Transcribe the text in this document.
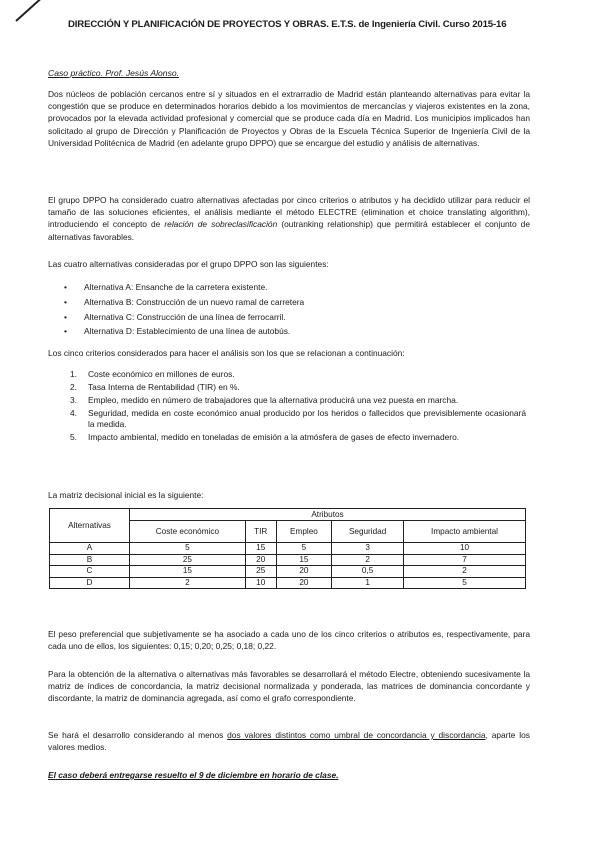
DIRECCIÓN Y PLANIFICACIÓN DE PROYECTOS Y OBRAS. E.T.S. de Ingeniería Civil. Curso 2015-16
Caso práctico. Prof. Jesús Alonso.

Dos núcleos de población cercanos entre sí y situados en el extrarradio de Madrid están planteando alternativas para evitar la congestión que se produce en determinados horarios debido a los movimientos de mercancías y viajeros existentes en la zona, provocados por la elevada actividad profesional y comercial que se produce cada día en Madrid. Los municipios implicados han solicitado al grupo de Dirección y Planificación de Proyectos y Obras de la Escuela Técnica Superior de Ingeniería Civil de la Universidad Politécnica de Madrid (en adelante grupo DPPO) que se encargue del estudio y análisis de alternativas.

El grupo DPPO ha considerado cuatro alternativas afectadas por cinco criterios o atributos y ha decidido utilizar para reducir el tamaño de las soluciones eficientes, el análisis mediante el método ELECTRE (elimination et choice translating algorithm), introduciendo el concepto de relación de sobreclasificación (outranking relationship) que permitirá establecer el conjunto de alternativas favorables.

Las cuatro alternativas consideradas por el grupo DPPO son las siguientes:

• Alternativa A: Ensanche de la carretera existente.
• Alternativa B: Construcción de un nuevo ramal de carretera
• Alternativa C: Construcción de una línea de ferrocarril.
• Alternativa D: Establecimiento de una línea de autobús.

Los cinco criterios considerados para hacer el análisis son los que se relacionan a continuación:

1. Coste económico en millones de euros.
2. Tasa Interna de Rentabilidad (TIR) en %.
3. Empleo, medido en número de trabajadores que la alternativa producirá una vez puesta en marcha.
4. Seguridad, medida en coste económico anual producido por los heridos o fallecidos que previsiblemente ocasionará la medida.
5. Impacto ambiental, medido en toneladas de emisión a la atmósfera de gases de efecto invernadero.

La matriz decisional inicial es la siguiente:

Alternativas	Atributos				
	Coste económico	TIR	Empleo	Seguridad	Impacto ambiental
A	5	15	5	3	10
B	25	20	15	2	7
C	15	25	20	0,5	2
D	2	10	20	1	5

El peso preferencial que subjetivamente se ha asociado a cada uno de los cinco criterios o atributos es, respectivamente, para cada uno de ellos, los siguientes: 0,15; 0,20; 0,25; 0,18; 0,22.

Para la obtención de la alternativa o alternativas más favorables se desarrollará el método Electre, obteniendo sucesivamente la matriz de índices de concordancia, la matriz decisional normalizada y ponderada, las matrices de dominancia concordante y discordante, la matriz de dominancia agregada, así como el grafo correspondiente.

Se hará el desarrollo considerando al menos dos valores distintos como umbral de concordancia y discordancia, aparte los valores medios.

El caso deberá entregarse resuelto el 9 de diciembre en horario de clase.
